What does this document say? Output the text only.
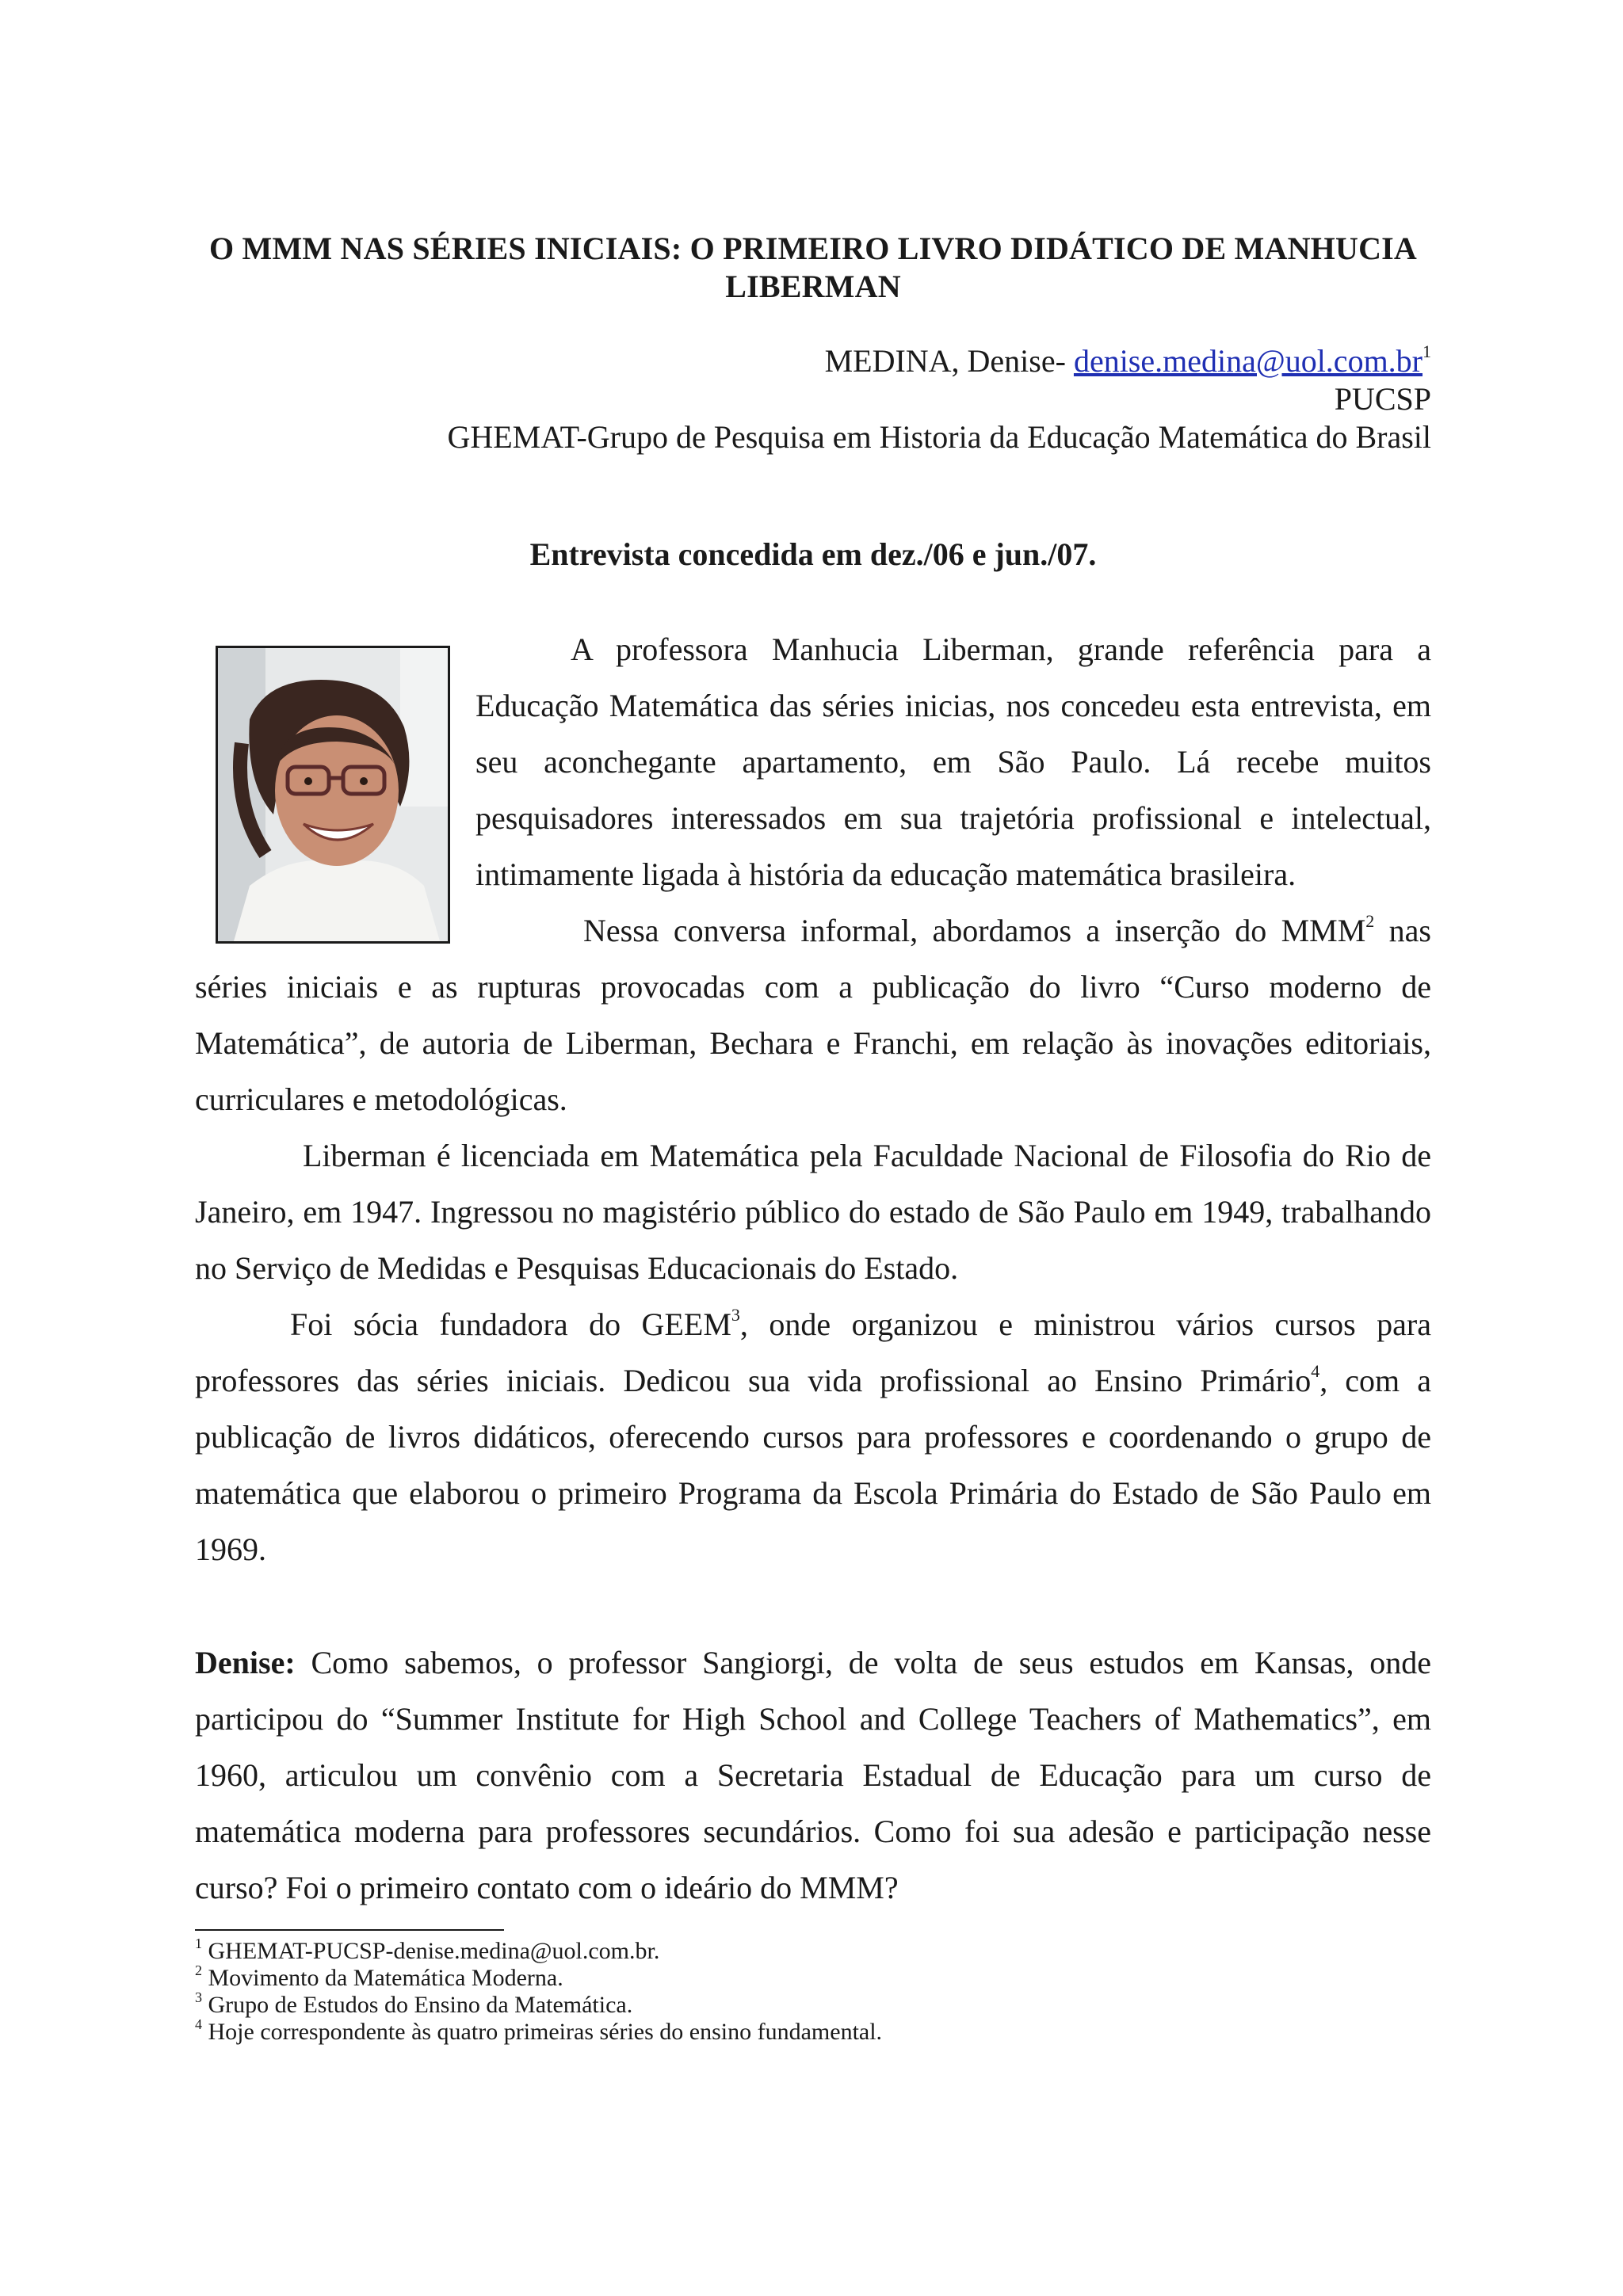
O MMM NAS SÉRIES INICIAIS: O PRIMEIRO LIVRO DIDÁTICO DE MANHUCIA LIBERMAN
MEDINA, Denise- $denise.medina@uol.com.br^1$
PUCSP
GHEMAT-Grupo de Pesquisa em Historia da Educação Matemática do Brasil
Entrevista concedida em dez./06 e jun./07.
A professora Manhucia Liberman, grande referência para a Educação Matemática das séries inicias, nos concedeu esta entrevista, em seu aconchegante apartamento, em São Paulo. Lá recebe muitos pesquisadores interessados em sua trajetória profissional e intelectual, intimamente ligada à história da educação matemática brasileira.
Nessa conversa informal, abordamos a inserção do MMM$^2$ nas séries iniciais e as rupturas provocadas com a publicação do livro “Curso moderno de Matemática”, de autoria de Liberman, Bechara e Franchi, em relação às inovações editoriais, curriculares e metodológicas.
Liberman é licenciada em Matemática pela Faculdade Nacional de Filosofia do Rio de Janeiro, em 1947. Ingressou no magistério público do estado de São Paulo em 1949, trabalhando no Serviço de Medidas e Pesquisas Educacionais do Estado.
Foi sócia fundadora do GEEM$^3$, onde organizou e ministrou vários cursos para professores das séries iniciais. Dedicou sua vida profissional ao Ensino Primário$^4$, com a publicação de livros didáticos, oferecendo cursos para professores e coordenando o grupo de matemática que elaborou o primeiro Programa da Escola Primária do Estado de São Paulo em 1969.
Denise: Como sabemos, o professor Sangiorgi, de volta de seus estudos em Kansas, onde participou do “Summer Institute for High School and College Teachers of Mathematics”, em 1960, articulou um convênio com a Secretaria Estadual de Educação para um curso de matemática moderna para professores secundários. Como foi sua adesão e participação nesse curso? Foi o primeiro contato com o ideário do MMM?
$^1$ GHEMAT-PUCSP-denise.medina@uol.com.br.
$^2$ Movimento da Matemática Moderna.
$^3$ Grupo de Estudos do Ensino da Matemática.
$^4$ Hoje correspondente às quatro primeiras séries do ensino fundamental.
